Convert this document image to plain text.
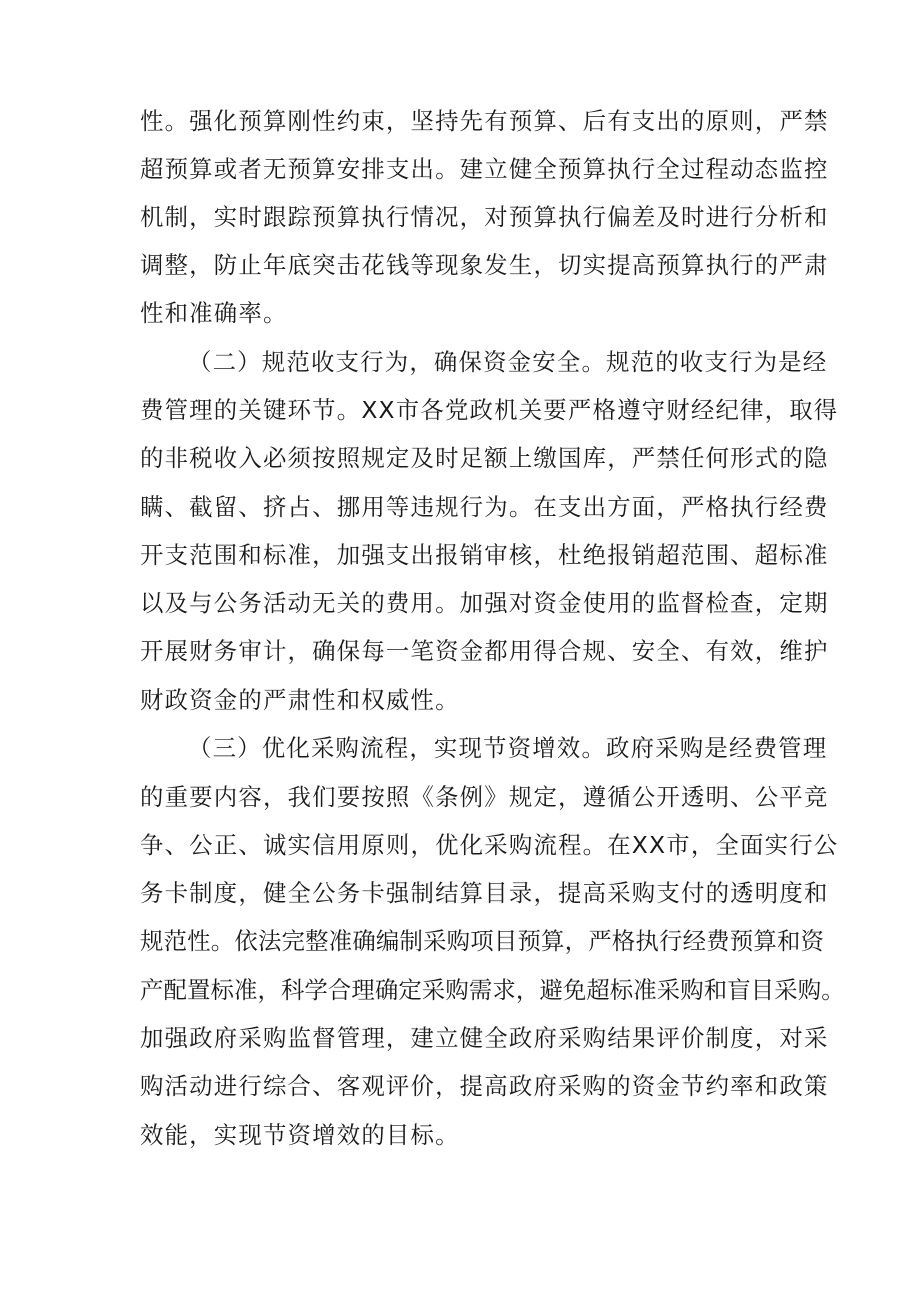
性。强化预算刚性约束，坚持先有预算、后有支出的原则，严禁
超预算或者无预算安排支出。建立健全预算执行全过程动态监控
机制，实时跟踪预算执行情况，对预算执行偏差及时进行分析和
调整，防止年底突击花钱等现象发生，切实提高预算执行的严肃
性和准确率。
（二）规范收支行为，确保资金安全。规范的收支行为是经
费管理的关键环节。XX市各党政机关要严格遵守财经纪律，取得
的非税收入必须按照规定及时足额上缴国库，严禁任何形式的隐
瞒、截留、挤占、挪用等违规行为。在支出方面，严格执行经费
开支范围和标准，加强支出报销审核，杜绝报销超范围、超标准
以及与公务活动无关的费用。加强对资金使用的监督检查，定期
开展财务审计，确保每一笔资金都用得合规、安全、有效，维护
财政资金的严肃性和权威性。
（三）优化采购流程，实现节资增效。政府采购是经费管理
的重要内容，我们要按照《条例》规定，遵循公开透明、公平竞
争、公正、诚实信用原则，优化采购流程。在XX市，全面实行公
务卡制度，健全公务卡强制结算目录，提高采购支付的透明度和
规范性。依法完整准确编制采购项目预算，严格执行经费预算和资
产配置标准，科学合理确定采购需求，避免超标准采购和盲目采购。
加强政府采购监督管理，建立健全政府采购结果评价制度，对采
购活动进行综合、客观评价，提高政府采购的资金节约率和政策
效能，实现节资增效的目标。
